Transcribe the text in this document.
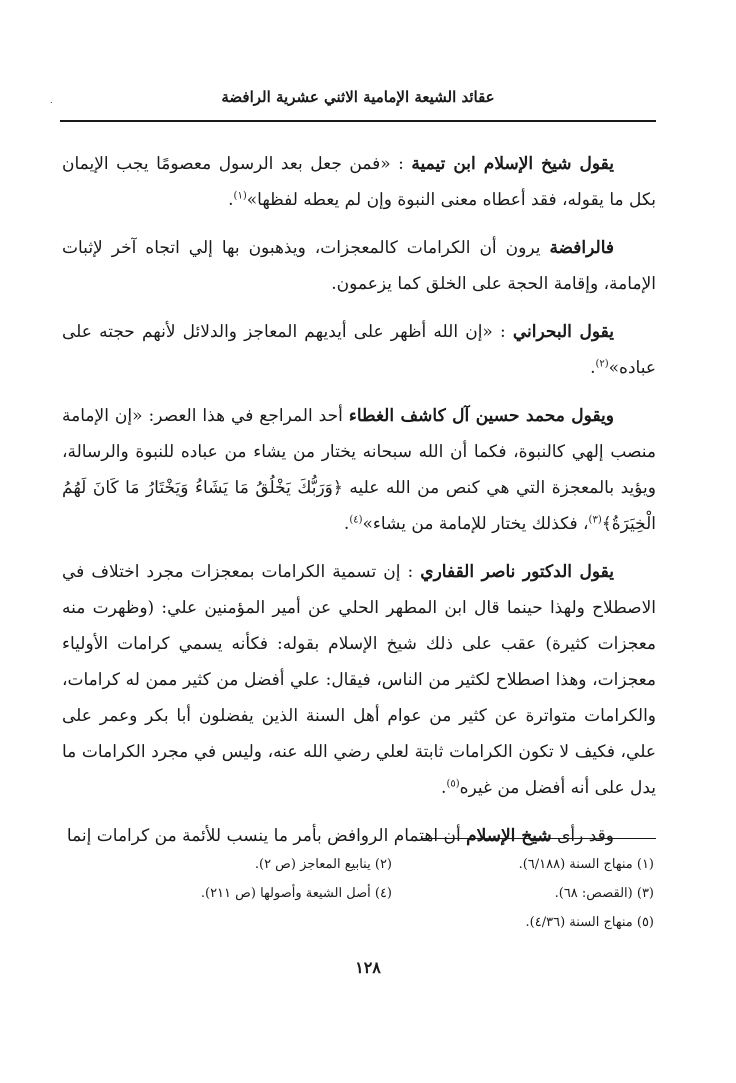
.	عقائد الشيعة الإمامية الاثني عشرية الرافضة

يقول شيخ الإسلام ابن تيمية : «فمن جعل بعد الرسول معصومًا يجب الإيمان بكل ما يقوله، فقد أعطاه معنى النبوة وإن لم يعطه لفظها»$^{(١)}$.

فالرافضة يرون أن الكرامات كالمعجزات، ويذهبون بها إلي اتجاه آخر لإثبات الإمامة، وإقامة الحجة على الخلق كما يزعمون.

يقول البحراني : «إن الله أظهر على أيديهم المعاجز والدلائل لأنهم حجته على عباده»$^{(٢)}$.

ويقول محمد حسين آل كاشف الغطاء أحد المراجع في هذا العصر: «إن الإمامة منصب إلهي كالنبوة، فكما أن الله سبحانه يختار من يشاء من عباده للنبوة والرسالة، ويؤيد بالمعجزة التي هي كنص من الله عليه ﴿وَرَبُّكَ يَخْلُقُ مَا يَشَاءُ وَيَخْتَارُ مَا كَانَ لَهُمُ الْخِيَرَةُ﴾$^{(٣)}$، فكذلك يختار للإمامة من يشاء»$^{(٤)}$.

يقول الدكتور ناصر القفاري : إن تسمية الكرامات بمعجزات مجرد اختلاف في الاصطلاح ولهذا حينما قال ابن المطهر الحلي عن أمير المؤمنين علي: (وظهرت منه معجزات كثيرة) عقب على ذلك شيخ الإسلام بقوله: فكأنه يسمي كرامات الأولياء معجزات، وهذا اصطلاح لكثير من الناس، فيقال: علي أفضل من كثير ممن له كرامات، والكرامات متواترة عن كثير من عوام أهل السنة الذين يفضلون أبا بكر وعمر على علي، فكيف لا تكون الكرامات ثابتة لعلي رضي الله عنه، وليس في مجرد الكرامات ما يدل على أنه أفضل من غيره$^{(٥)}$.

وقد رأى شيخ الإسلام أن اهتمام الروافض بأمر ما ينسب للأئمة من كرامات إنما

(١) منهاج السنة (٦/١٨٨).
(٢) ينابيع المعاجز (ص ٢).
(٣) (القصص: ٦٨).
(٤) أصل الشيعة وأصولها (ص ٢١١).
(٥) منهاج السنة (٤/٣٦).
١٢٨
